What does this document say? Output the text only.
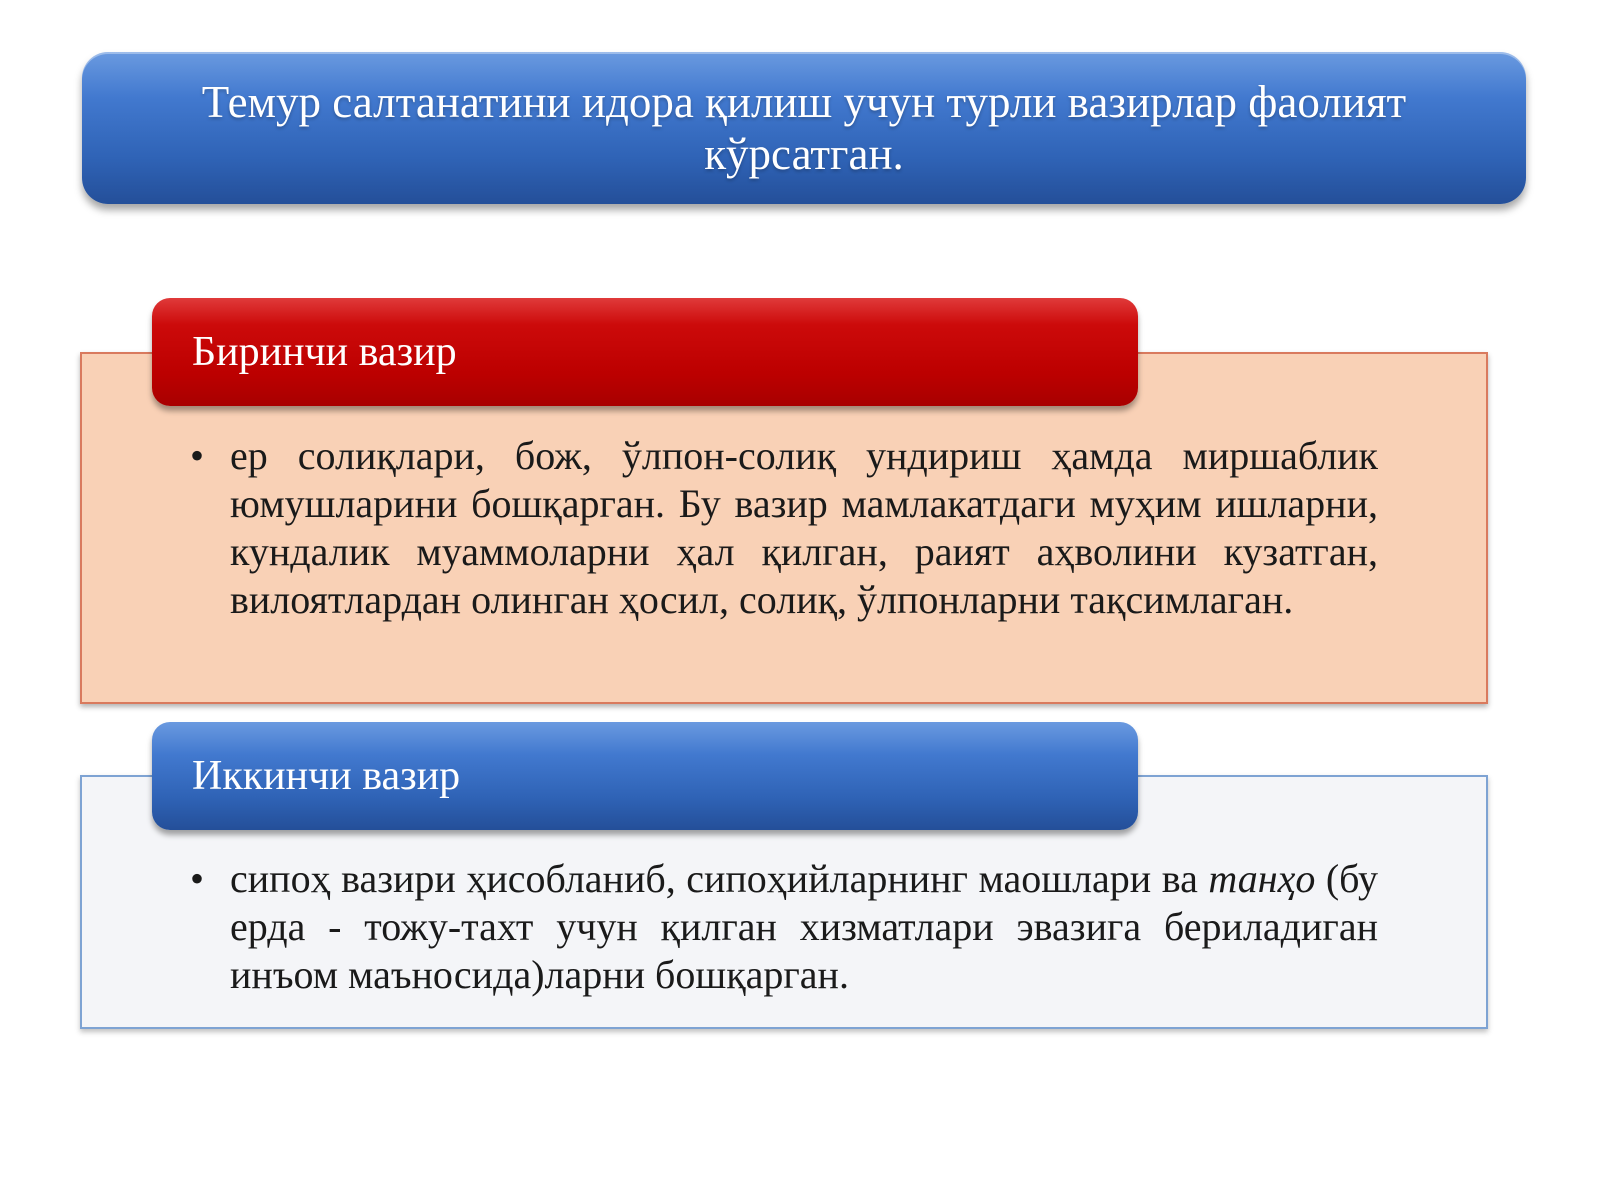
Темур салтанатини идора қилиш учун турли вазирлар фаолият кўрсатган.
Биринчи вазир
• ер солиқлари, бож, ўлпон-солиқ ундириш ҳамда миршаблик юмушларини бошқарган. Бу вазир мамлакатдаги муҳим ишларни, кундалик муаммоларни ҳал қилган, раият аҳволини кузатган, вилоятлардан олинган ҳосил, солиқ, ўлпонларни тақсимлаган.
Иккинчи вазир
• сипоҳ вазири ҳисобланиб, сипоҳийларнинг маошлари ва танҳо (бу ерда - тожу-тахт учун қилган хизматлари эвазига бериладиган инъом маъносида)ларни бошқарган.
